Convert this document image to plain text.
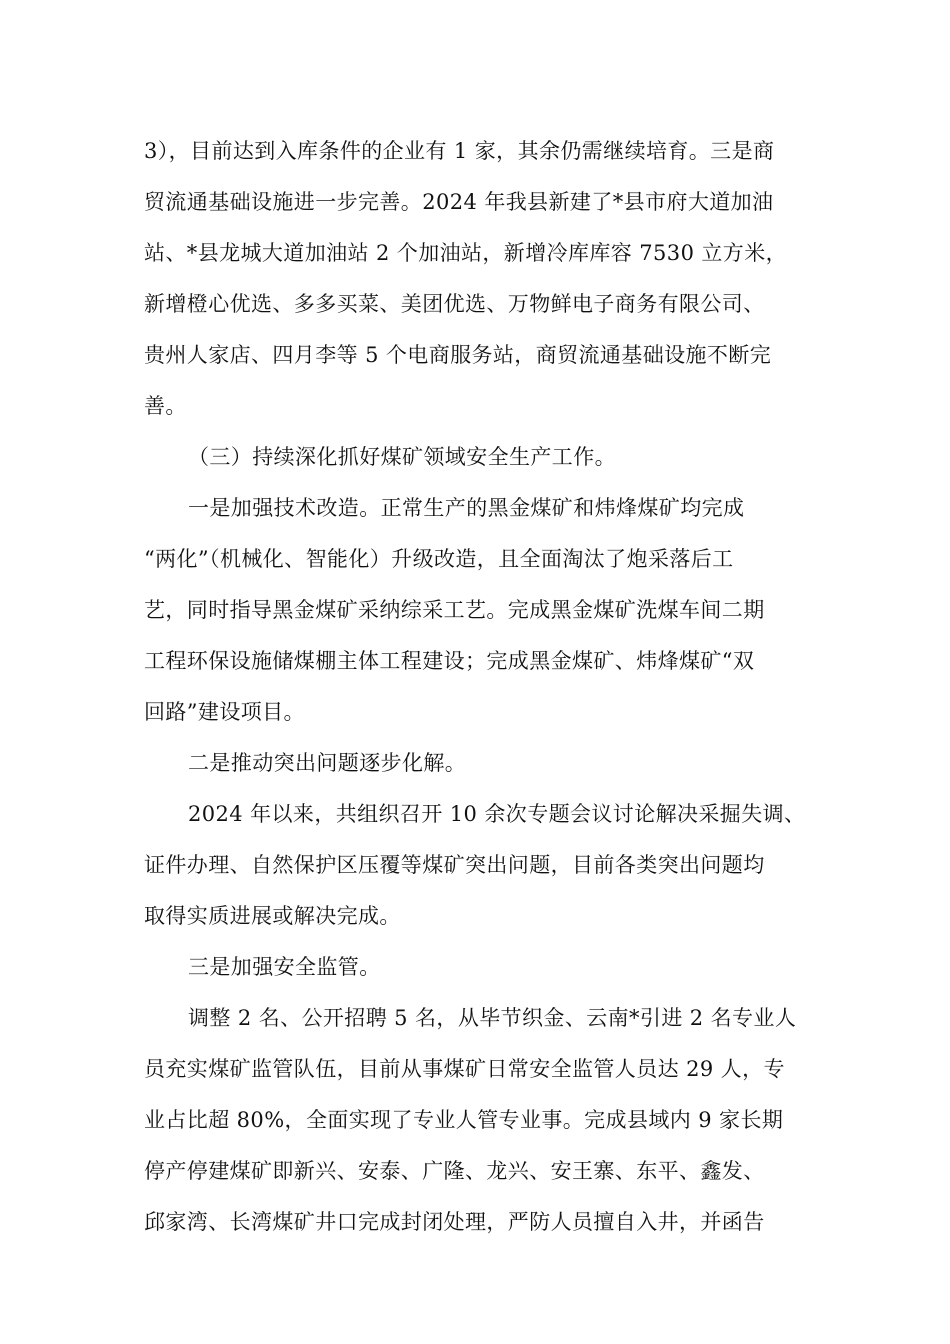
3），目前达到入库条件的企业有 1 家，其余仍需继续培育。三是商
贸流通基础设施进一步完善。2024 年我县新建了*县市府大道加油
站、*县龙城大道加油站 2 个加油站，新增冷库库容 7530 立方米，
新增橙心优选、多多买菜、美团优选、万物鲜电子商务有限公司、
贵州人家店、四月李等 5 个电商服务站，商贸流通基础设施不断完
善。
（三）持续深化抓好煤矿领域安全生产工作。
一是加强技术改造。正常生产的黑金煤矿和炜烽煤矿均完成
“两化”（机械化、智能化）升级改造，且全面淘汰了炮采落后工
艺，同时指导黑金煤矿采纳综采工艺。完成黑金煤矿洗煤车间二期
工程环保设施储煤棚主体工程建设；完成黑金煤矿、炜烽煤矿“双
回路”建设项目。
二是推动突出问题逐步化解。
2024 年以来，共组织召开 10 余次专题会议讨论解决采掘失调、
证件办理、自然保护区压覆等煤矿突出问题，目前各类突出问题均
取得实质进展或解决完成。
三是加强安全监管。
调整 2 名、公开招聘 5 名，从毕节织金、云南*引进 2 名专业人
员充实煤矿监管队伍，目前从事煤矿日常安全监管人员达 29 人，专
业占比超 80%，全面实现了专业人管专业事。完成县域内 9 家长期
停产停建煤矿即新兴、安泰、广隆、龙兴、安王寨、东平、鑫发、
邱家湾、长湾煤矿井口完成封闭处理，严防人员擅自入井，并函告
